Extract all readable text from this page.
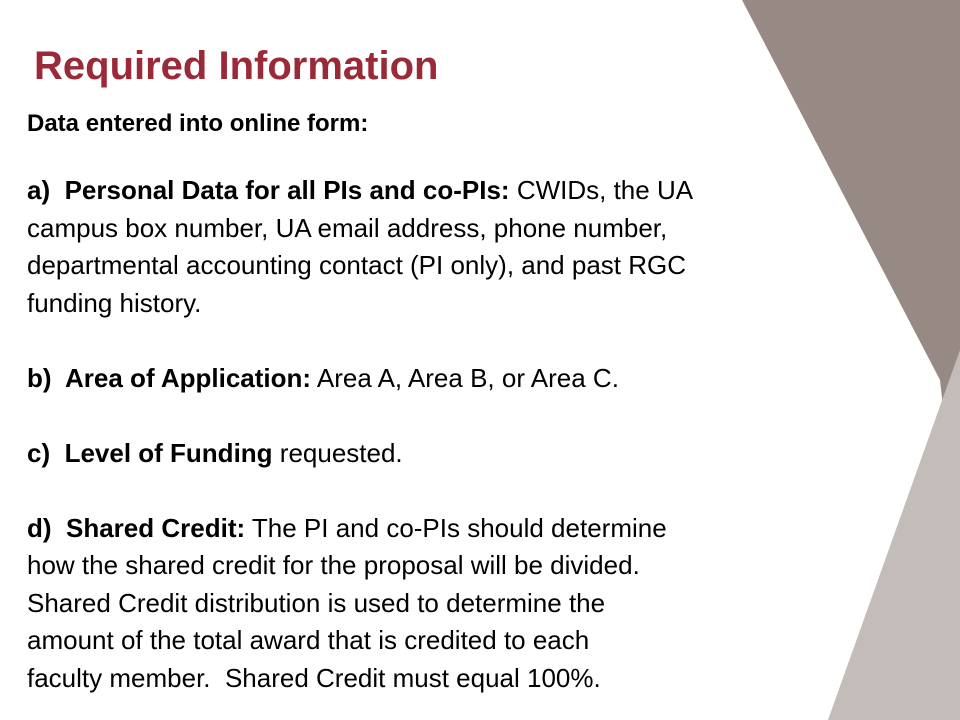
Required Information

Data entered into online form:

a)  Personal Data for all PIs and co-PIs: CWIDs, the UA
campus box number, UA email address, phone number,
departmental accounting contact (PI only), and past RGC
funding history.
b)  Area of Application: Area A, Area B, or Area C.
c)  Level of Funding requested.
d)  Shared Credit: The PI and co-PIs should determine
how the shared credit for the proposal will be divided.
Shared Credit distribution is used to determine the
amount of the total award that is credited to each
faculty member.  Shared Credit must equal 100%.
